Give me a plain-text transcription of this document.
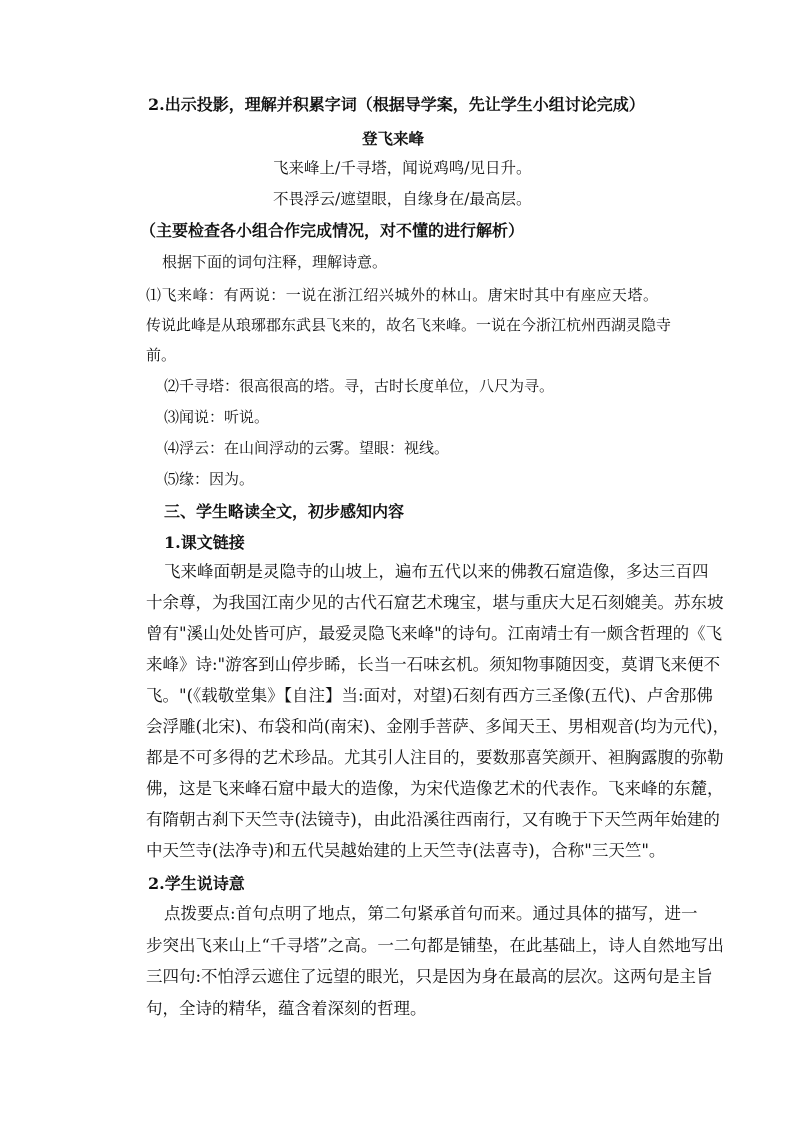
2.出示投影，理解并积累字词（根据导学案，先让学生小组讨论完成）
登飞来峰
飞来峰上/千寻塔，闻说鸡鸣/见日升。
不畏浮云/遮望眼，自缘身在/最高层。
（主要检查各小组合作完成情况，对不懂的进行解析）
根据下面的词句注释，理解诗意。
⑴飞来峰：有两说：一说在浙江绍兴城外的林山。唐宋时其中有座应天塔。
传说此峰是从琅琊郡东武县飞来的，故名飞来峰。一说在今浙江杭州西湖灵隐寺
前。
⑵千寻塔：很高很高的塔。寻，古时长度单位，八尺为寻。
⑶闻说：听说。
⑷浮云：在山间浮动的云雾。望眼：视线。
⑸缘：因为。
三、学生略读全文，初步感知内容
1.课文链接
飞来峰面朝是灵隐寺的山坡上，遍布五代以来的佛教石窟造像，多达三百四
十余尊，为我国江南少见的古代石窟艺术瑰宝，堪与重庆大足石刻媲美。苏东坡
曾有"溪山处处皆可庐，最爱灵隐飞来峰"的诗句。江南靖士有一颇含哲理的《飞
来峰》诗:"游客到山停步睎，长当一石味玄机。须知物事随因变，莫谓飞来便不
飞。"(《载敬堂集》【自注】当:面对，对望)石刻有西方三圣像(五代)、卢舍那佛
会浮雕(北宋)、布袋和尚(南宋)、金刚手菩萨、多闻天王、男相观音(均为元代)，
都是不可多得的艺术珍品。尤其引人注目的，要数那喜笑颜开、袒胸露腹的弥勒
佛，这是飞来峰石窟中最大的造像，为宋代造像艺术的代表作。飞来峰的东麓，
有隋朝古刹下天竺寺(法镜寺)，由此沿溪往西南行，又有晚于下天竺两年始建的
中天竺寺(法净寺)和五代吴越始建的上天竺寺(法喜寺)，合称"三天竺"。
2.学生说诗意
点拨要点:首句点明了地点，第二句紧承首句而来。通过具体的描写，进一
步突出飞来山上“千寻塔”之高。一二句都是铺垫，在此基础上，诗人自然地写出
三四句:不怕浮云遮住了远望的眼光，只是因为身在最高的层次。这两句是主旨
句，全诗的精华，蕴含着深刻的哲理。
